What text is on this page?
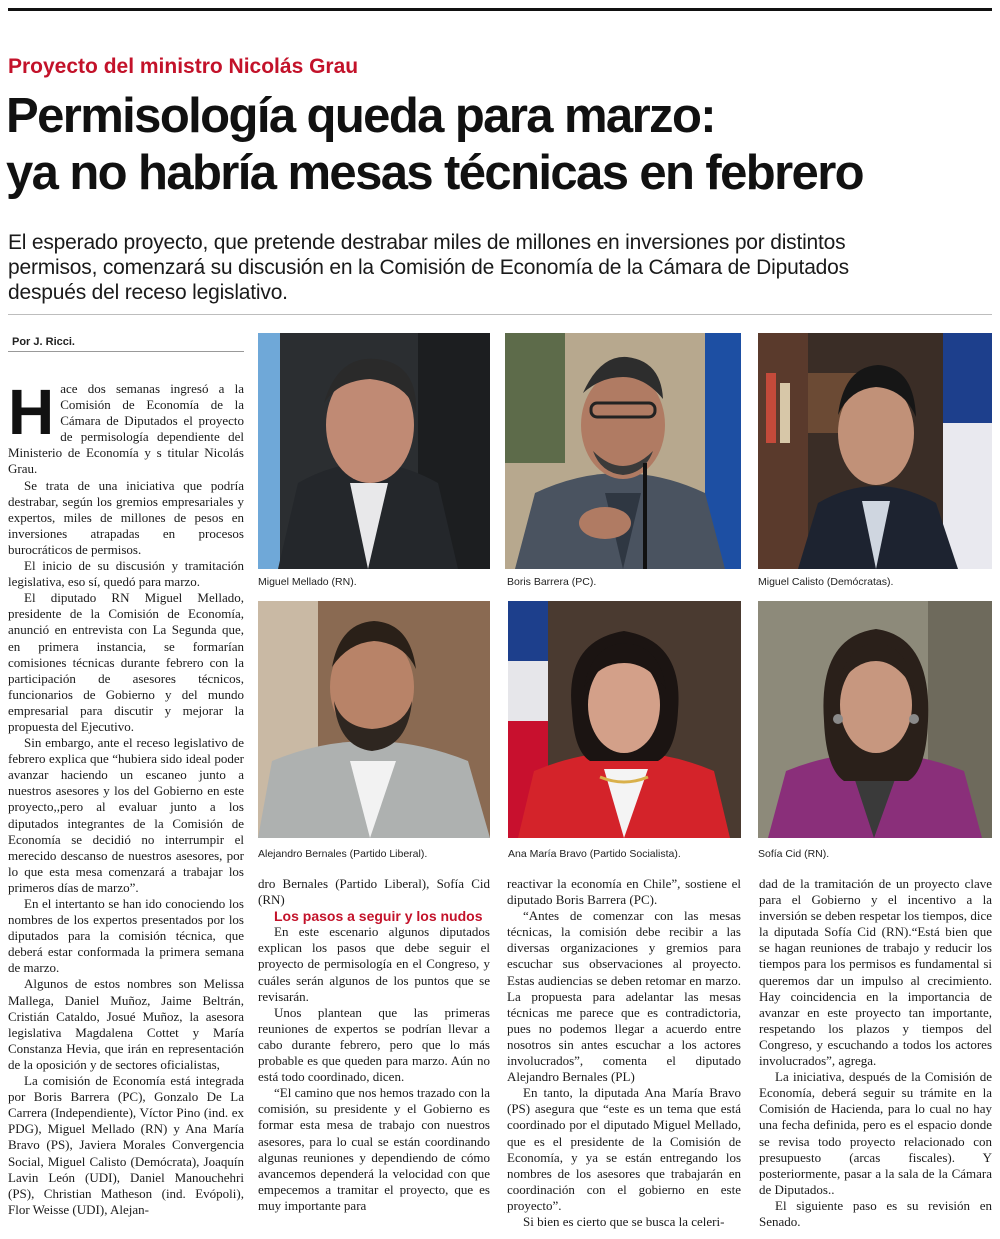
Proyecto del ministro Nicolás Grau
Permisología queda para marzo:
ya no habría mesas técnicas en febrero
El esperado proyecto, que pretende destrabar miles de millones en inversiones por distintos
permisos, comenzará su discusión en la Comisión de Economía de la Cámara de Diputados
después del receso legislativo.
Por J. Ricci.

Hace dos semanas ingresó a la Comisión de Economía de la Cámara de Diputados el proyecto de permisología dependiente del Ministerio de Economía y s titular Nicolás Grau.

Se trata de una iniciativa que podría destrabar, según los gremios empresariales y expertos, miles de millones de pesos en inversiones atrapadas en procesos burocráticos de permisos.

El inicio de su discusión y tramitación legislativa, eso sí, quedó para marzo.

El diputado RN Miguel Mellado, presidente de la Comisión de Economía, anunció en entrevista con La Segunda que, en primera instancia, se formarían comisiones técnicas durante febrero con la participación de asesores técnicos, funcionarios de Gobierno y del mundo empresarial para discutir y mejorar la propuesta del Ejecutivo.

Sin embargo, ante el receso legislativo de febrero explica que “hubiera sido ideal poder avanzar haciendo un escaneo junto a nuestros asesores y los del Gobierno en este proyecto,,pero al evaluar junto a los diputados integrantes de la Comisión de Economía se decidió no interrumpir el merecido descanso de nuestros asesores, por lo que esta mesa comenzará a trabajar los primeros días de marzo”.

En el intertanto se han ido conociendo los nombres de los expertos presentados por los diputados para la comisión técnica, que deberá estar conformada la primera semana de marzo.

Algunos de estos nombres son Melissa Mallega, Daniel Muñoz, Jaime Beltrán, Cristián Cataldo, Josué Muñoz, la asesora legislativa Magdalena Cottet y María Constanza Hevia, que irán en representación de la oposición y de sectores oficialistas,

La comisión de Economía está integrada por Boris Barrera (PC), Gonzalo De La Carrera (Independiente), Víctor Pino (ind. ex PDG), Miguel Mellado (RN) y Ana María Bravo (PS), Javiera Morales Convergencia Social, Miguel Calisto (Demócrata), Joaquín Lavin León (UDI), Daniel Manouchehri (PS), Christian Matheson (ind. Evópoli), Flor Weisse (UDI), Alejan-

Miguel Mellado (RN).	Boris Barrera (PC).	Miguel Calisto (Demócratas).
Alejandro Bernales (Partido Liberal).	Ana María Bravo (Partido Socialista).	Sofía Cid (RN).

dro Bernales (Partido Liberal), Sofía Cid (RN)

Los pasos a seguir y los nudos

En este escenario algunos diputados explican los pasos que debe seguir el proyecto de permisología en el Congreso, y cuáles serán algunos de los puntos que se revisarán.

Unos plantean que las primeras reuniones de expertos se podrían llevar a cabo durante febrero, pero que lo más probable es que queden para marzo. Aún no está todo coordinado, dicen.

“El camino que nos hemos trazado con la comisión, su presidente y el Gobierno es formar esta mesa de trabajo con nuestros asesores, para lo cual se están coordinando algunas reuniones y dependiendo de cómo avancemos dependerá la velocidad con que empecemos a tramitar el proyecto, que es muy importante para

reactivar la economía en Chile”, sostiene el diputado Boris Barrera (PC).

“Antes de comenzar con las mesas técnicas, la comisión debe recibir a las diversas organizaciones y gremios para escuchar sus observaciones al proyecto. Estas audiencias se deben retomar en marzo. La propuesta para adelantar las mesas técnicas me parece que es contradictoria, pues no podemos llegar a acuerdo entre nosotros sin antes escuchar a los actores involucrados”, comenta el diputado Alejandro Bernales (PL)

En tanto, la diputada Ana María Bravo (PS) asegura que “este es un tema que está coordinado por el diputado Miguel Mellado, que es el presidente de la Comisión de Economía, y ya se están entregando los nombres de los asesores que trabajarán en coordinación con el gobierno en este proyecto”.

Si bien es cierto que se busca la celeri-

dad de la tramitación de un proyecto clave para el Gobierno y el incentivo a la inversión se deben respetar los tiempos, dice la diputada Sofía Cid (RN).“Está bien que se hagan reuniones de trabajo y reducir los tiempos para los permisos es fundamental si queremos dar un impulso al crecimiento. Hay coincidencia en la importancia de avanzar en este proyecto tan importante, respetando los plazos y tiempos del Congreso, y escuchando a todos los actores involucrados”, agrega.

La iniciativa, después de la Comisión de Economía, deberá seguir su trámite en la Comisión de Hacienda, para lo cual no hay una fecha definida, pero es el espacio donde se revisa todo proyecto relacionado con presupuesto (arcas fiscales). Y posteriormente, pasar a la sala de la Cámara de Diputados..

El siguiente paso es su revisión en Senado.
